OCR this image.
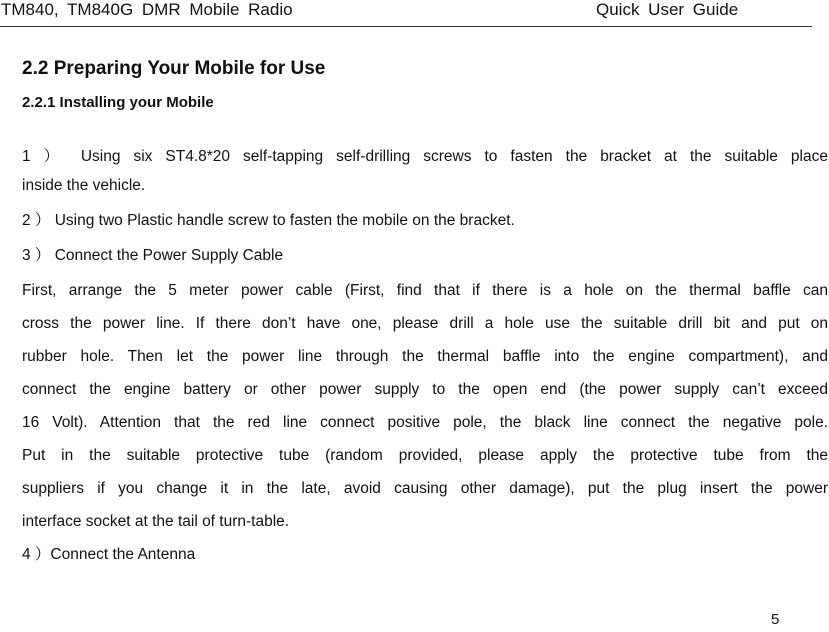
TM840, TM840G DMR Mobile Radio	Quick User Guide
2.2 Preparing Your Mobile for Use
2.2.1 Installing your Mobile
1 ） Using six ST4.8*20 self-tapping self-drilling screws to fasten the bracket at the suitable place
inside the vehicle.
2 ） Using two Plastic handle screw to fasten the mobile on the bracket.
3 ） Connect the Power Supply Cable
First, arrange the 5 meter power cable (First, find that if there is a hole on the thermal baffle can
cross the power line. If there don’t have one, please drill a hole use the suitable drill bit and put on
rubber hole. Then let the power line through the thermal baffle into the engine compartment), and
connect the engine battery or other power supply to the open end (the power supply can’t exceed
16 Volt). Attention that the red line connect positive pole, the black line connect the negative pole.
Put in the suitable protective tube (random provided, please apply the protective tube from the
suppliers if you change it in the late, avoid causing other damage), put the plug insert the power
interface socket at the tail of turn-table.
4 ）Connect the Antenna
5
